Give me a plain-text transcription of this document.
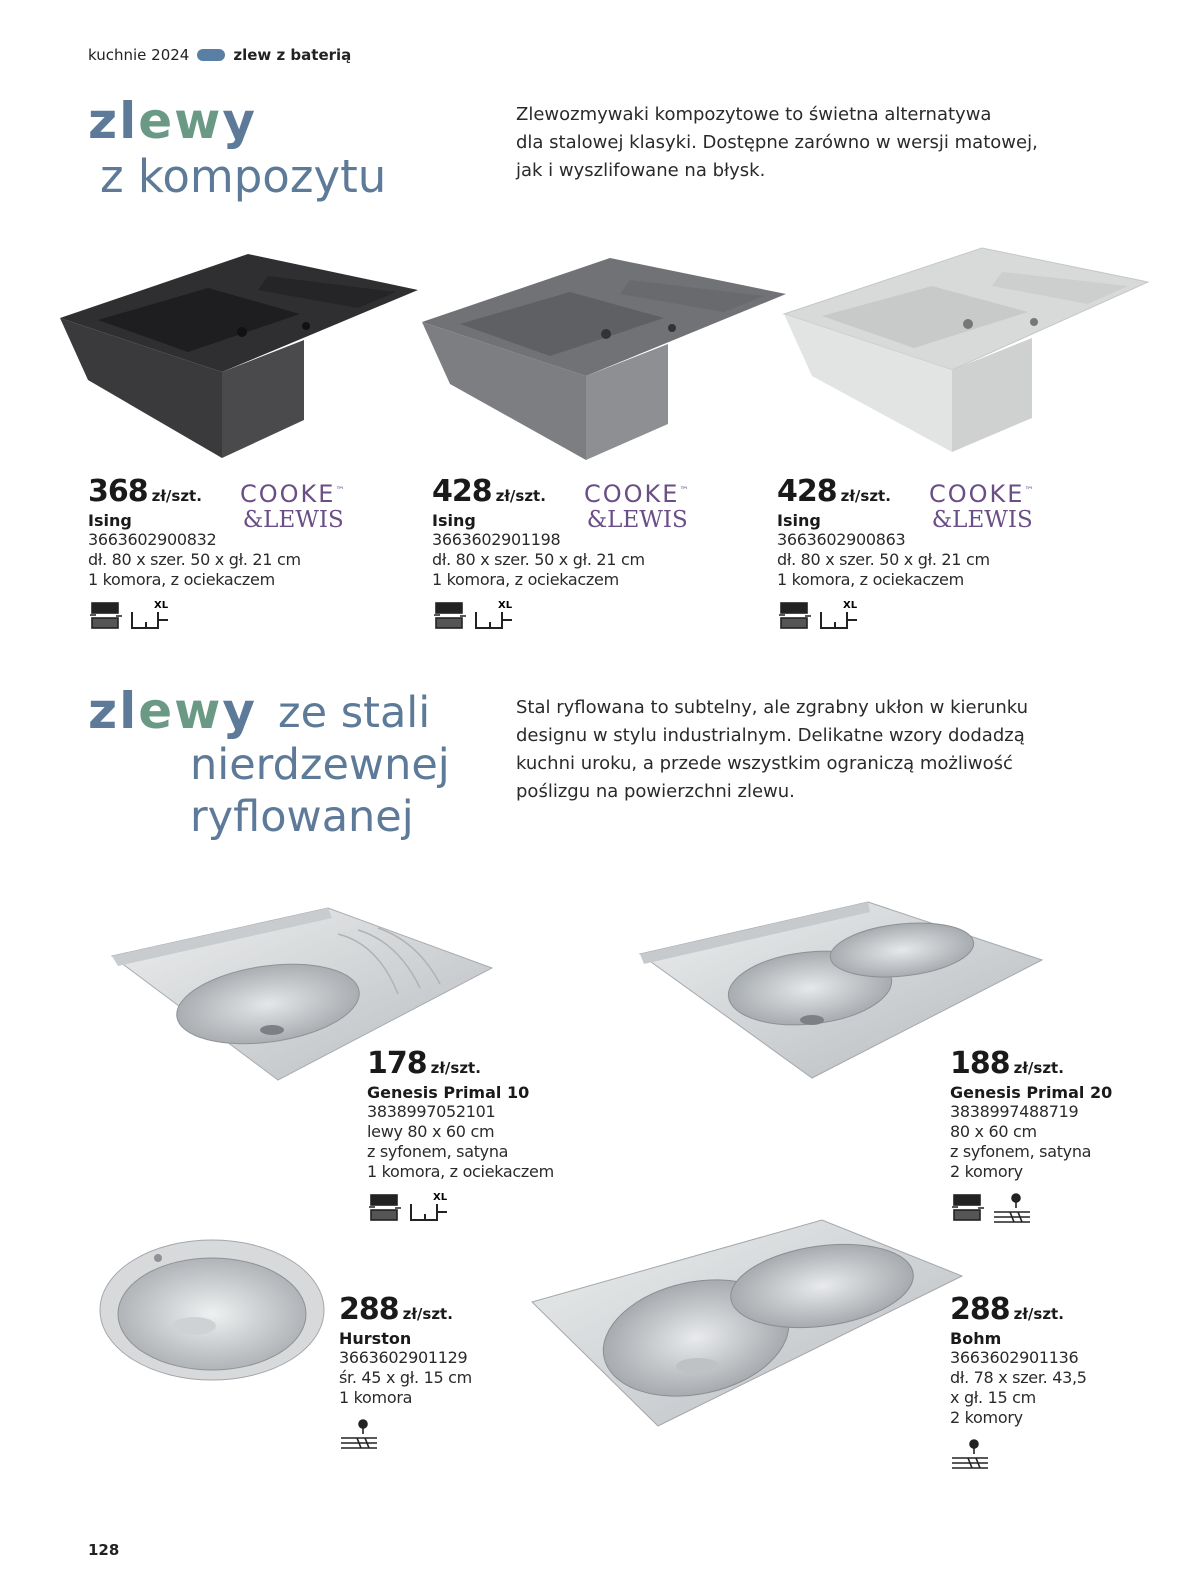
kuchnie 2024	zlew z baterią
zlewy
z kompozytu
Zlewozmywaki kompozytowe to świetna alternatywa
dla stalowej klasyki. Dostępne zarówno w wersji matowej,
jak i wyszlifowane na błysk.
368 zł/szt.
Ising
3663602900832
dł. 80 x szer. 50 x gł. 21 cm
1 komora, z ociekaczem
COOKE™
&LEWIS
XL
428 zł/szt.
Ising
3663602901198
dł. 80 x szer. 50 x gł. 21 cm
1 komora, z ociekaczem
COOKE™
&LEWIS
XL
428 zł/szt.
Ising
3663602900863
dł. 80 x szer. 50 x gł. 21 cm
1 komora, z ociekaczem
COOKE™
&LEWIS
XL
zlewy ze stali
nierdzewnej
ryflowanej
Stal ryflowana to subtelny, ale zgrabny ukłon w kierunku
designu w stylu industrialnym. Delikatne wzory dodadzą
kuchni uroku, a przede wszystkim ograniczą możliwość
poślizgu na powierzchni zlewu.
178 zł/szt.
Genesis Primal 10
3838997052101
lewy 80 x 60 cm
z syfonem, satyna
1 komora, z ociekaczem
XL
188 zł/szt.
Genesis Primal 20
3838997488719
80 x 60 cm
z syfonem, satyna
2 komory
288 zł/szt.
Hurston
3663602901129
śr. 45 x gł. 15 cm
1 komora
288 zł/szt.
Bohm
3663602901136
dł. 78 x szer. 43,5
x gł. 15 cm
2 komory
128
